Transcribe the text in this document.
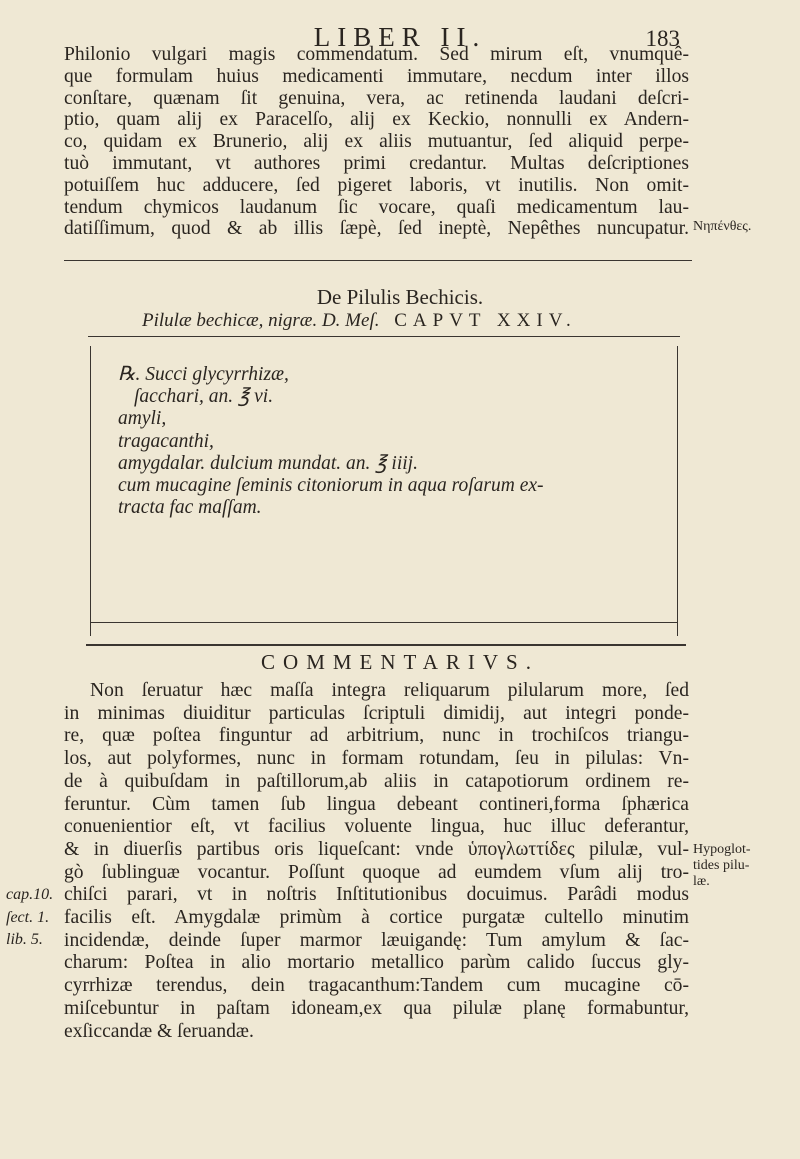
LIBER II.	183
Philonio vulgari magis commendatum. Sed mirum eſt, vnumquê-
que formulam huius medicamenti immutare, necdum inter illos
conſtare, quænam ſit genuina, vera, ac retinenda laudani deſcri-
ptio, quam alij ex Paracelſo, alij ex Keckio, nonnulli ex Andern-
co, quidam ex Brunerio, alij ex aliis mutuantur, ſed aliquid perpe-
tuò immutant, vt authores primi credantur. Multas deſcriptiones
potuiſſem huc adducere, ſed pigeret laboris, vt inutilis. Non omit-
tendum chymicos laudanum ſic vocare, quaſi medicamentum lau-
datiſſimum, quod & ab illis ſæpè, ſed ineptè, Nepêthes nuncupatur. Nηπένθες.
De Pilulis Bechicis.
Pilulæ bechicæ, nigræ. D. Meſ. CAPVT XXIV.
℞. Succi glycyrrhizæ,
ſacchari, an. ℥ vi.
amyli,
tragacanthi,
amygdalar. dulcium mundat. an. ℥ iiij.
cum mucagine ſeminis citoniorum in aqua roſarum ex-
tracta fac maſſam.
COMMENTARIVS.
Non ſeruatur hæc maſſa integra reliquarum pilularum more, ſed
in minimas diuiditur particulas ſcriptuli dimidij, aut integri ponde-
re, quæ poſtea finguntur ad arbitrium, nunc in trochiſcos triangu-
los, aut polyformes, nunc in formam rotundam, ſeu in pilulas: Vn-
de à quibuſdam in paſtillorum,ab aliis in catapotiorum ordinem re-
feruntur. Cùm tamen ſub lingua debeant contineri,forma ſphærica
conuenientior eſt, vt facilius voluente lingua, huc illuc deferantur,
& in diuerſis partibus oris liqueſcant: vnde ὑπογλωττίδες pilulæ, vul-
gò ſublinguæ vocantur. Poſſunt quoque ad eumdem vſum alij tro-
chiſci parari, vt in noſtris Inſtitutionibus docuimus. Parâdi modus
facilis eſt. Amygdalæ primùm à cortice purgatæ cultello minutim
incidendæ, deinde ſuper marmor læuigandę: Tum amylum & ſac-
charum: Poſtea in alio mortario metallico parùm calido ſuccus gly-
cyrrhizæ terendus, dein tragacanthum:Tandem cum mucagine cō-
miſcebuntur in paſtam idoneam,ex qua pilulæ planę formabuntur,
exſiccandæ & ſeruandæ.
Hypoglot-
tides pilu-
læ.
cap.10.
ſect. 1.
lib. 5.
